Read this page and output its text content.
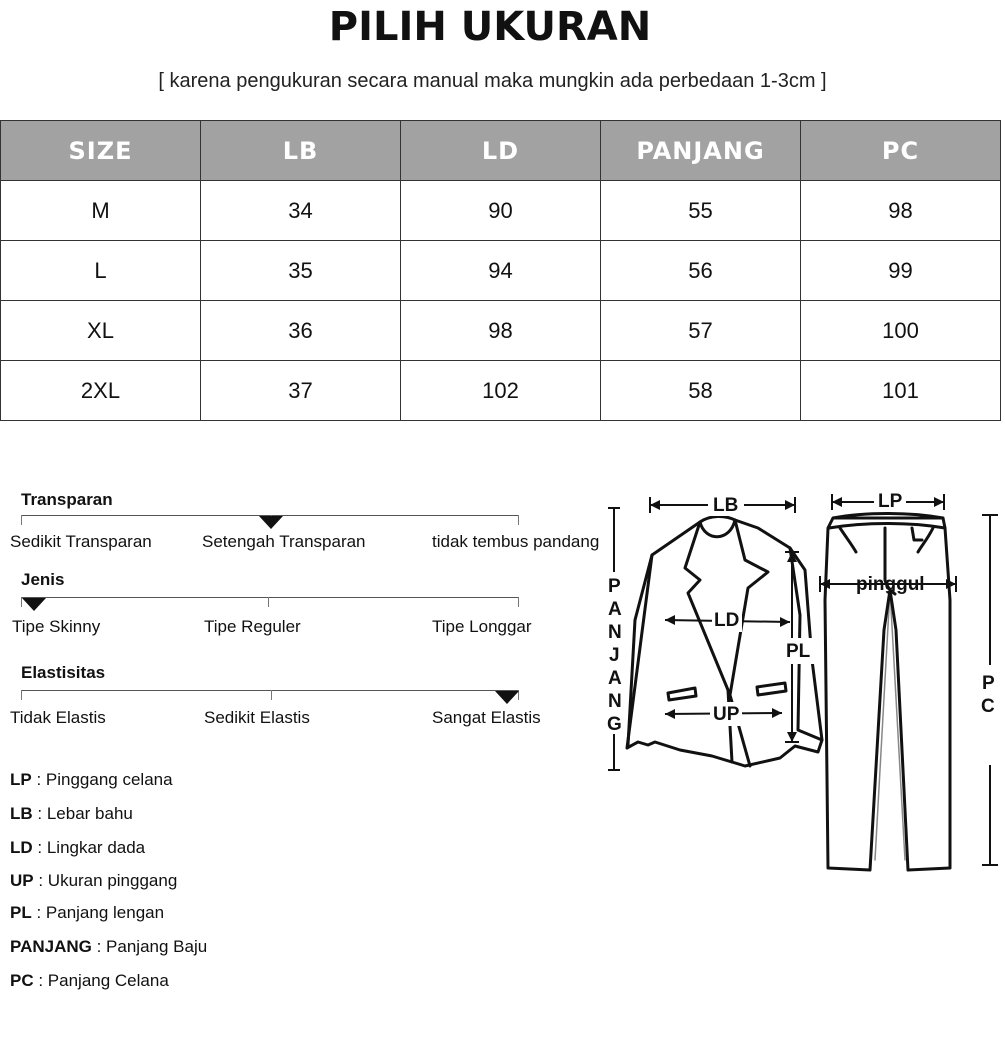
PILIH UKURAN
[ karena pengukuran secara manual maka mungkin ada perbedaan 1-3cm ]
SIZE	LB	LD	PANJANG	PC
M	34	90	55	98
L	35	94	56	99
XL	36	98	57	100
2XL	37	102	58	101
Transparan
Sedikit Transparan	Setengah Transparan	tidak tembus pandang
Jenis
Tipe Skinny	Tipe Reguler	Tipe Longgar
Elastisitas
Tidak Elastis	Sedikit Elastis	Sangat Elastis
LP : Pinggang celana
LB : Lebar bahu
LD : Lingkar dada
UP : Ukuran pinggang
PL : Panjang lengan
PANJANG : Panjang Baju
PC : Panjang Celana
LB	LP
pinggul
LD
UP
PL
P
A
N
J
A
N
G
P
C
